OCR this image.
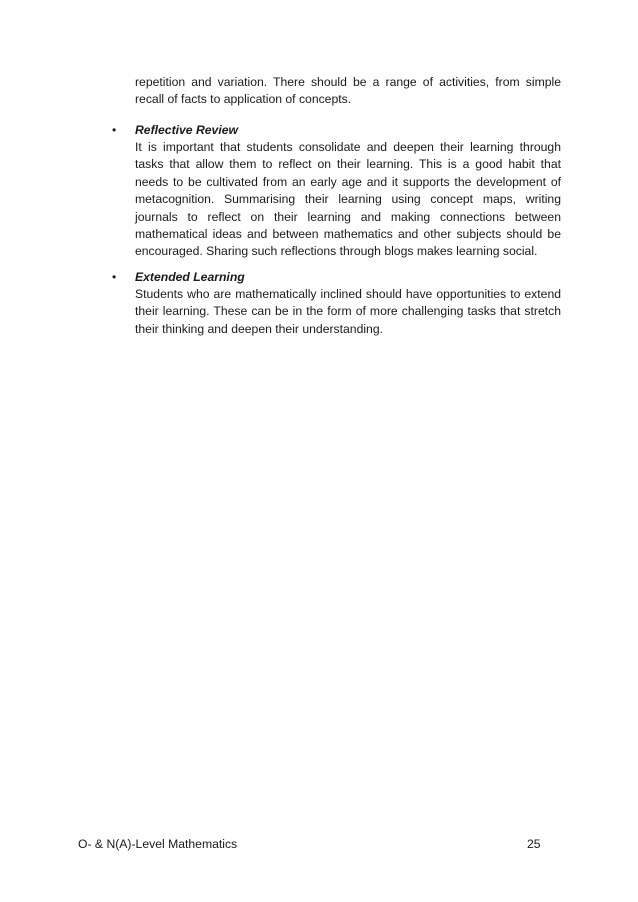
repetition and variation. There should be a range of activities, from simple recall of facts to application of concepts.

• Reflective Review

It is important that students consolidate and deepen their learning through tasks that allow them to reflect on their learning. This is a good habit that needs to be cultivated from an early age and it supports the development of metacognition. Summarising their learning using concept maps, writing journals to reflect on their learning and making connections between mathematical ideas and between mathematics and other subjects should be encouraged. Sharing such reflections through blogs makes learning social.

• Extended Learning

Students who are mathematically inclined should have opportunities to extend their learning. These can be in the form of more challenging tasks that stretch their thinking and deepen their understanding.

O- & N(A)-Level Mathematics	25
